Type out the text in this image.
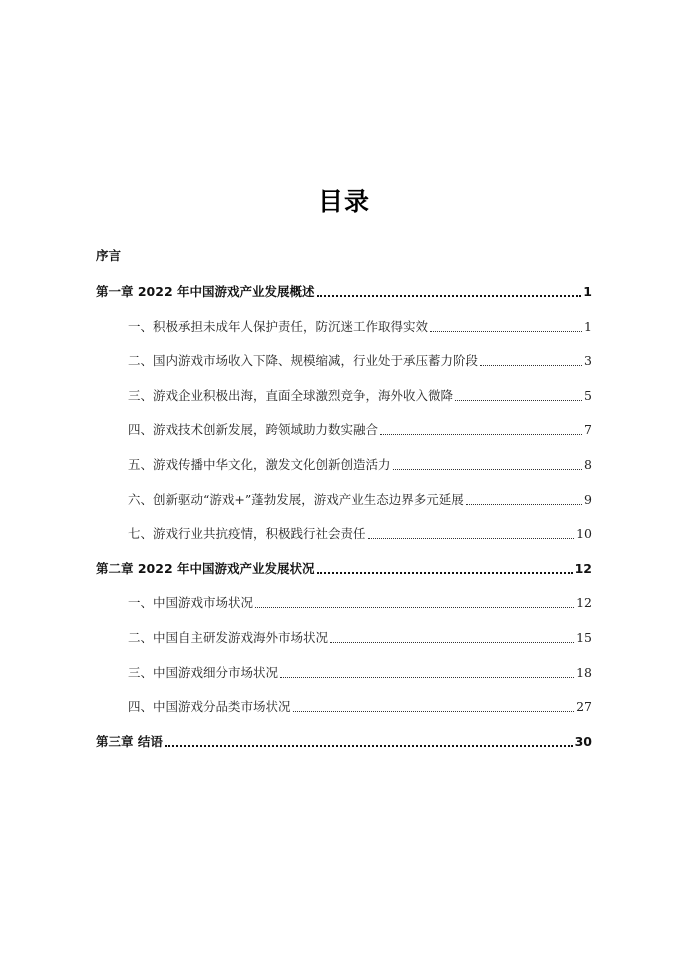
目录
序言
第一章 2022 年中国游戏产业发展概述	1
一、积极承担未成年人保护责任，防沉迷工作取得实效	1
二、国内游戏市场收入下降、规模缩减，行业处于承压蓄力阶段	3
三、游戏企业积极出海，直面全球激烈竞争，海外收入微降	5
四、游戏技术创新发展，跨领域助力数实融合	7
五、游戏传播中华文化，激发文化创新创造活力	8
六、创新驱动“游戏+”蓬勃发展，游戏产业生态边界多元延展	9
七、游戏行业共抗疫情，积极践行社会责任	10
第二章 2022 年中国游戏产业发展状况	12
一、中国游戏市场状况	12
二、中国自主研发游戏海外市场状况	15
三、中国游戏细分市场状况	18
四、中国游戏分品类市场状况	27
第三章 结语	30
